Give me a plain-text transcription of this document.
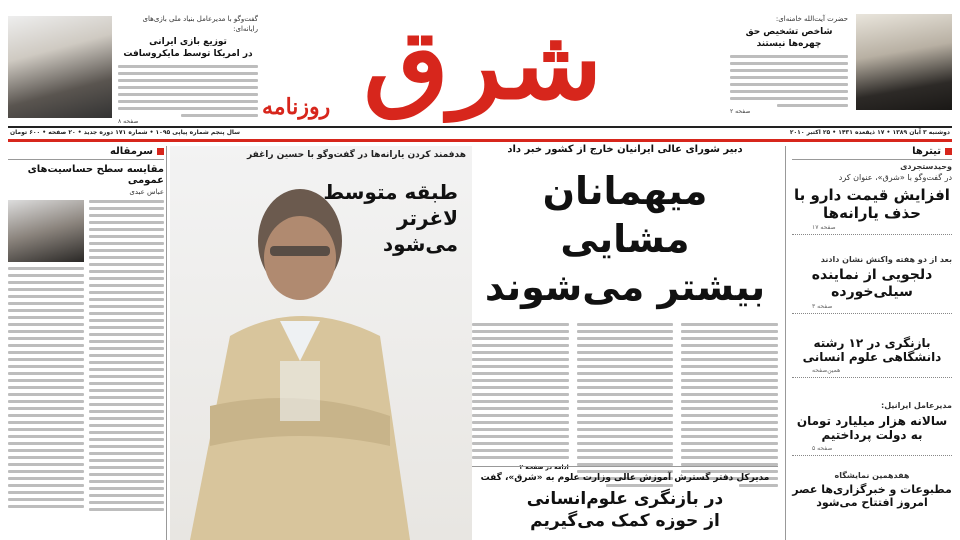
حضرت آیت‌الله خامنه‌ای:
شاخص تشخیص حق
چهره‌ها نیستند
صفحه ۲
شرق
روزنامه
گفت‌وگو با مدیرعامل بنیاد ملی بازی‌های رایانه‌ای:
توزیع بازی ایرانی
در امریکا توسط مایکروسافت
صفحه ۸
دوشنبه ۳ آبان ۱۳۸۹ • ۱۷ ذیقعده ۱۴۳۱ • ۲۵ اکتبر ۲۰۱۰
سال پنجم شماره پیاپی ۱۰۹۵ • شماره ۱۷۱ دوره جدید • ۲۰ صفحه • ۶۰۰ تومان
تیترها
وحیدستجردی
در گفت‌وگو با «شرق»، عنوان کرد
افزایش قیمت دارو با حذف یارانه‌ها
صفحه ۱۷
بعد از دو هفته واکنش نشان دادند
دلجویی از نماینده سیلی‌خورده
صفحه ۳
بازنگری در ۱۲ رشته دانشگاهی علوم انسانی
همین‌صفحه
مدیرعامل ایرانیل:
سالانه هزار میلیارد تومان به دولت پرداختیم
صفحه ۵
هفدهمین نمایشگاه
مطبوعات و خبرگزاری‌ها عصر امروز افتتاح می‌شود
دبیر شورای عالی ایرانیان خارج از کشور خبر داد
میهمانان مشایی
بیشتر می‌شوند
ادامه در صفحه ۲
مدیرکل دفتر گسترش آموزش عالی وزارت علوم به «شرق»، گفت
در بازنگری علوم‌انسانی
از حوزه کمک می‌گیریم
هدفمند کردن یارانه‌ها در گفت‌وگو با حسین راغفر
طبقه متوسط
لاغرتر
می‌شود
سرمقاله
مقایسه سطح حساسیت‌های عمومی
عباس عبدی
